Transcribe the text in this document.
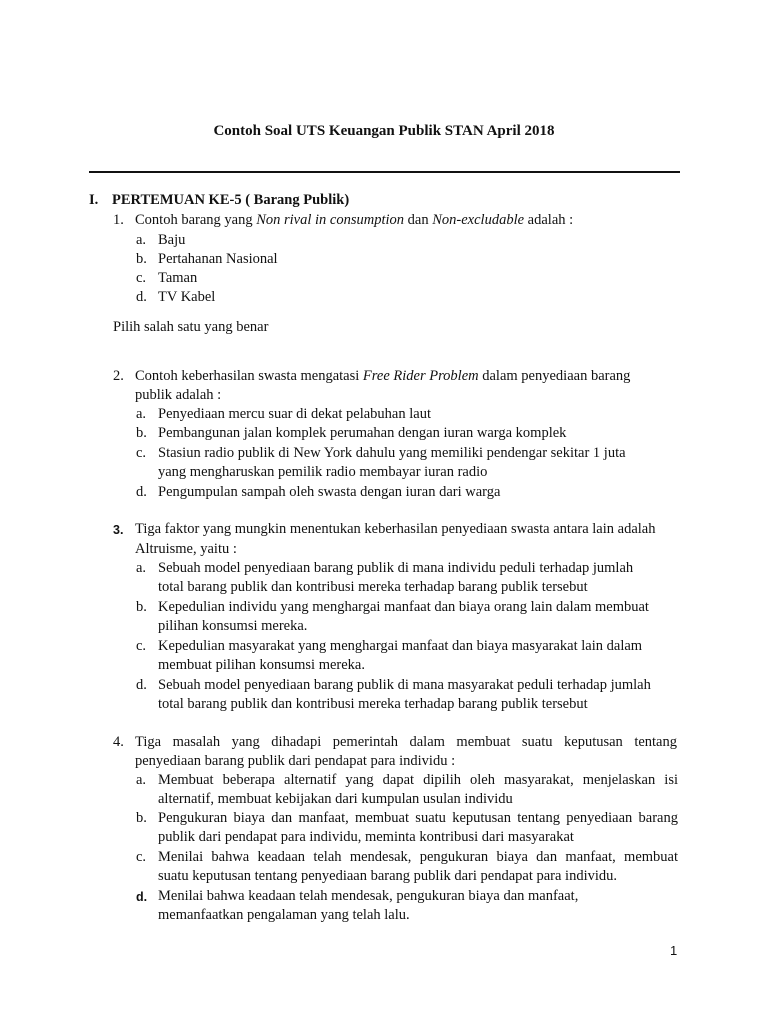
Contoh Soal UTS Keuangan Publik STAN April 2018
I. PERTEMUAN KE-5 ( Barang Publik)
1. Contoh barang yang Non rival in consumption dan Non-excludable adalah :
a. Baju
b. Pertahanan Nasional
c. Taman
d. TV Kabel
Pilih salah satu yang benar
2. Contoh keberhasilan swasta mengatasi Free Rider Problem dalam penyediaan barang
publik adalah :
a. Penyediaan mercu suar di dekat pelabuhan laut
b. Pembangunan jalan komplek perumahan dengan iuran warga komplek
c. Stasiun radio publik di New York dahulu yang memiliki pendengar sekitar 1 juta
yang mengharuskan pemilik radio membayar iuran radio
d. Pengumpulan sampah oleh swasta dengan iuran dari warga
3. Tiga faktor yang mungkin menentukan keberhasilan penyediaan swasta antara lain adalah
Altruisme, yaitu :
a. Sebuah model penyediaan barang publik di mana individu peduli terhadap jumlah
total barang publik dan kontribusi mereka terhadap barang publik tersebut
b. Kepedulian individu yang menghargai manfaat dan biaya orang lain dalam membuat
pilihan konsumsi mereka.
c. Kepedulian masyarakat yang menghargai manfaat dan biaya masyarakat lain dalam
membuat pilihan konsumsi mereka.
d. Sebuah model penyediaan barang publik di mana masyarakat peduli terhadap jumlah
total barang publik dan kontribusi mereka terhadap barang publik tersebut
4. Tiga masalah yang dihadapi pemerintah dalam membuat suatu keputusan tentang
penyediaan barang publik dari pendapat para individu :
a. Membuat beberapa alternatif yang dapat dipilih oleh masyarakat, menjelaskan isi
alternatif, membuat kebijakan dari kumpulan usulan individu
b. Pengukuran biaya dan manfaat, membuat suatu keputusan tentang penyediaan barang
publik dari pendapat para individu, meminta kontribusi dari masyarakat
c. Menilai bahwa keadaan telah mendesak, pengukuran biaya dan manfaat, membuat
suatu keputusan tentang penyediaan barang publik dari pendapat para individu.
d. Menilai bahwa keadaan telah mendesak, pengukuran biaya dan manfaat,
memanfaatkan pengalaman yang telah lalu.
1
